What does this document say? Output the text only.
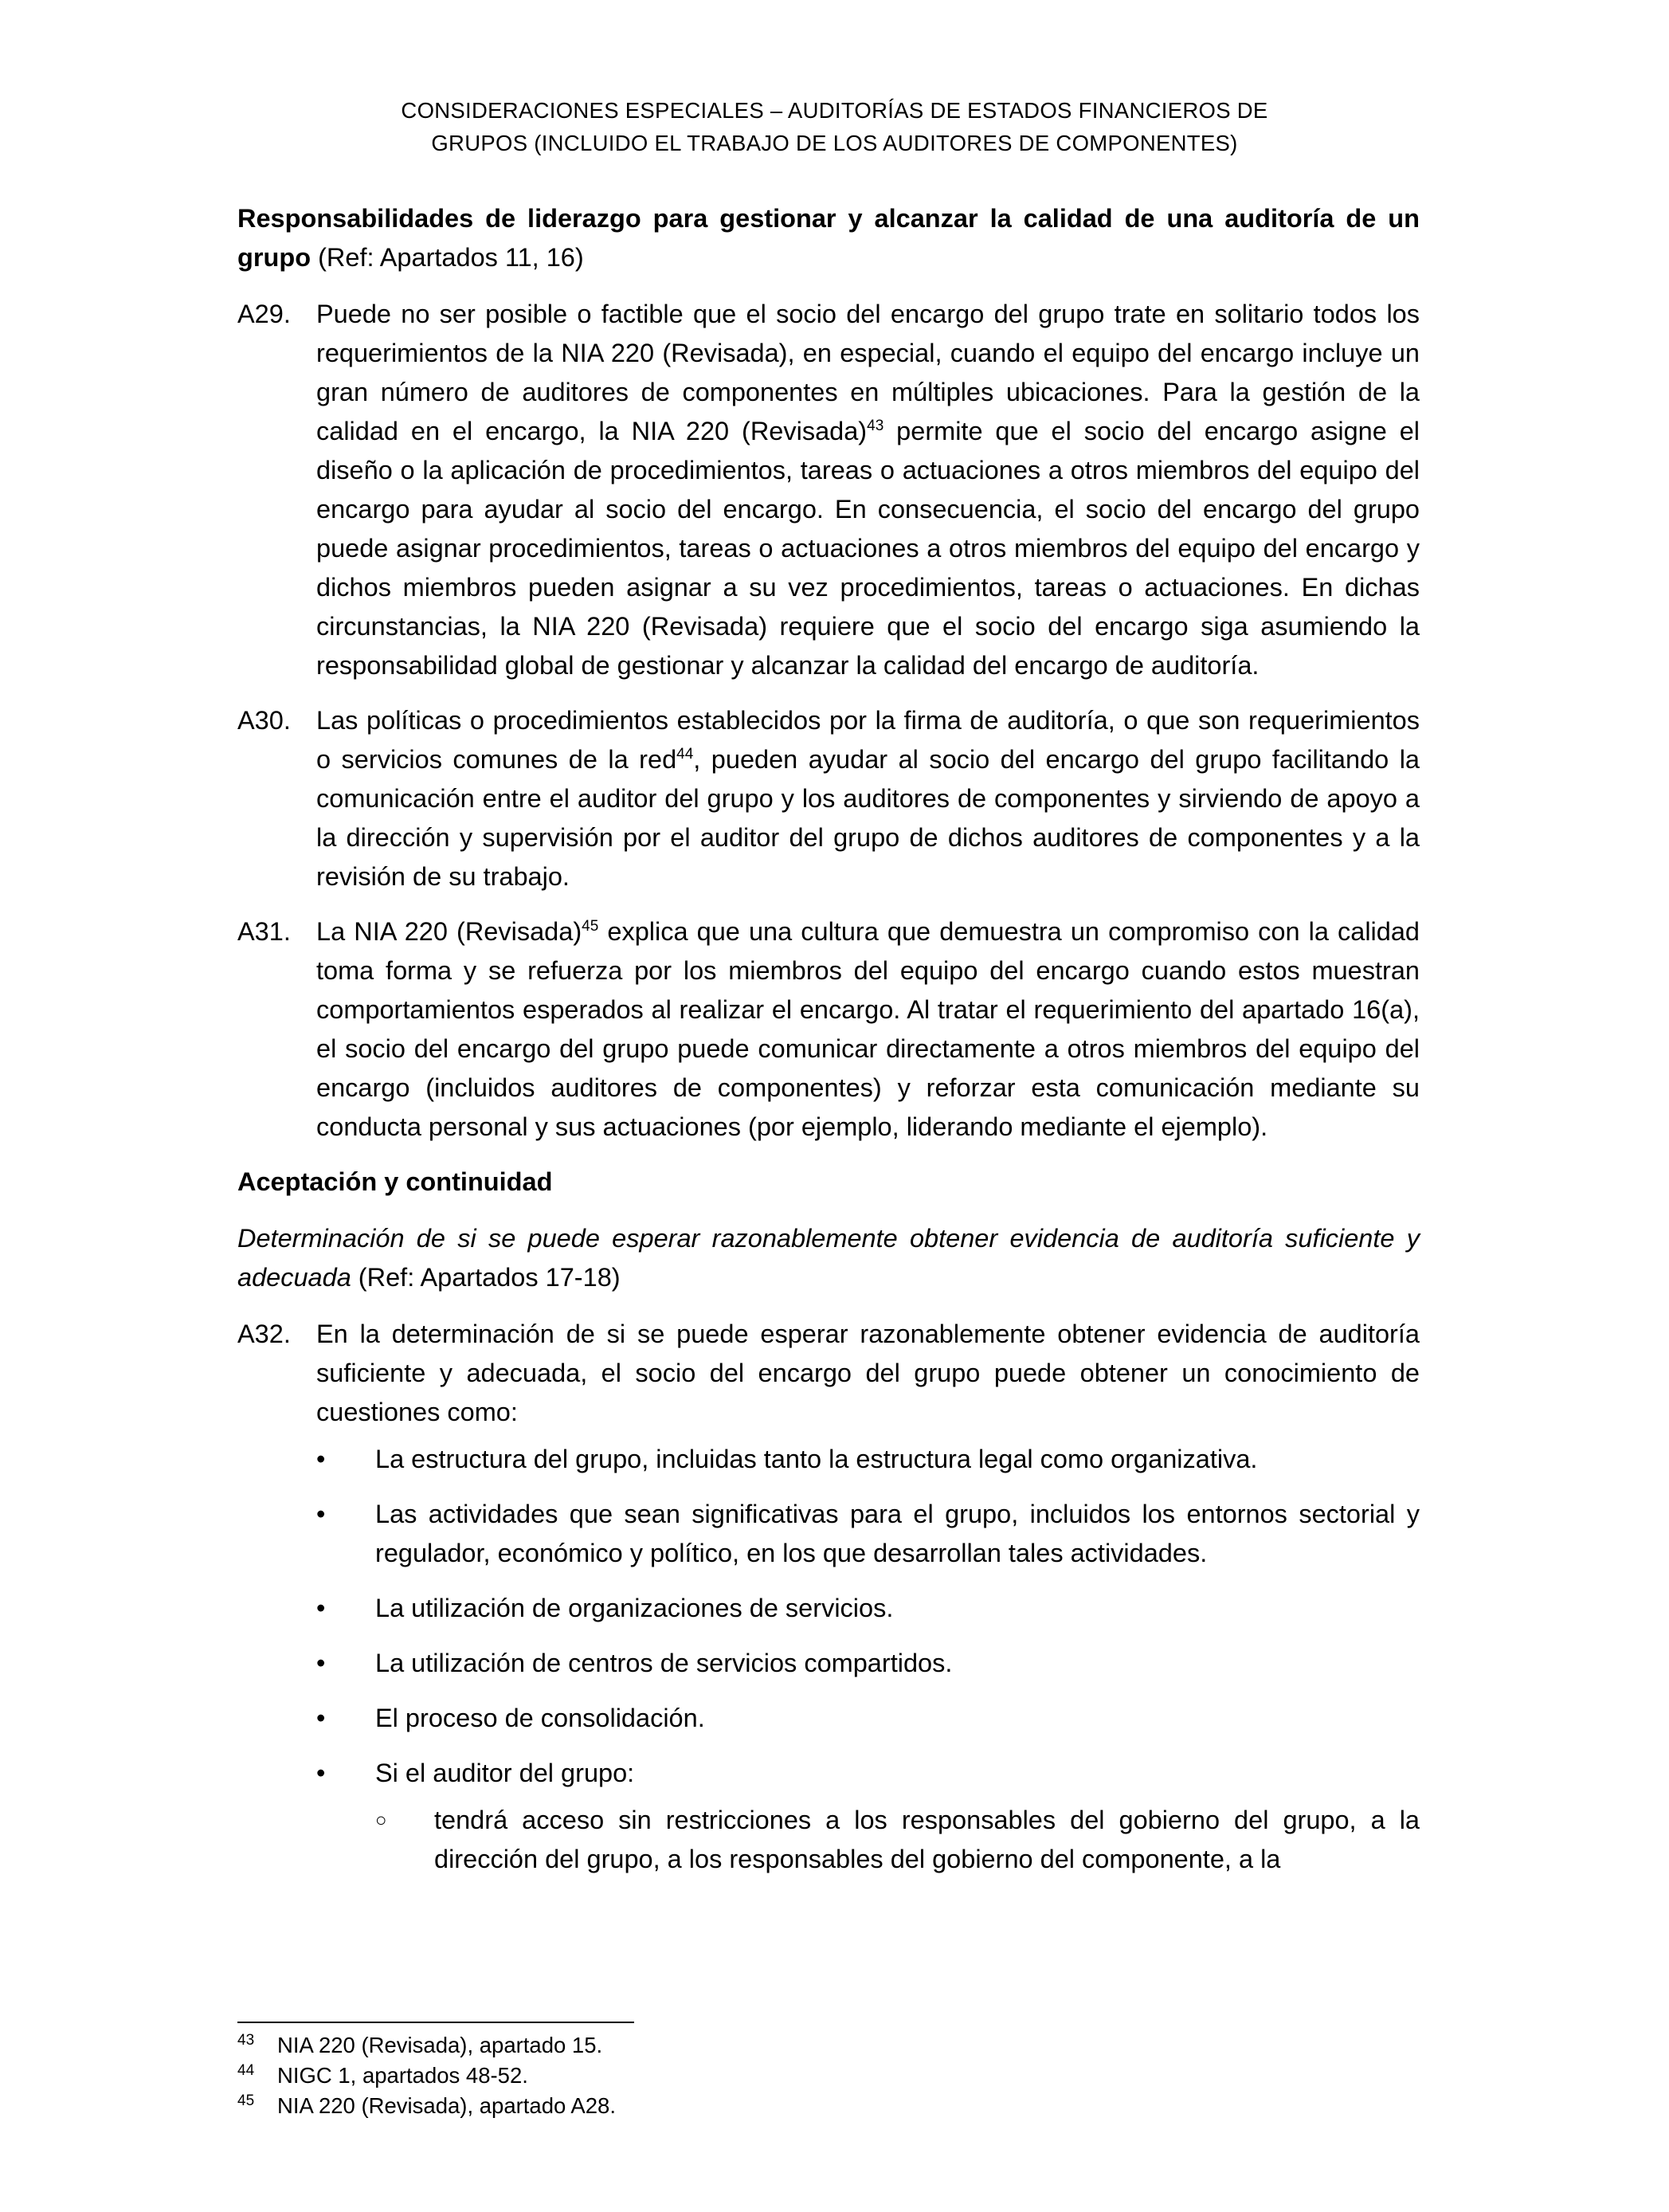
CONSIDERACIONES ESPECIALES – AUDITORÍAS DE ESTADOS FINANCIEROS DE
GRUPOS (INCLUIDO EL TRABAJO DE LOS AUDITORES DE COMPONENTES)

Responsabilidades de liderazgo para gestionar y alcanzar la calidad de una auditoría de un grupo (Ref: Apartados 11, 16)

A29. Puede no ser posible o factible que el socio del encargo del grupo trate en solitario todos los requerimientos de la NIA 220 (Revisada), en especial, cuando el equipo del encargo incluye un gran número de auditores de componentes en múltiples ubicaciones. Para la gestión de la calidad en el encargo, la NIA 220 (Revisada)$^{43}$ permite que el socio del encargo asigne el diseño o la aplicación de procedimientos, tareas o actuaciones a otros miembros del equipo del encargo para ayudar al socio del encargo. En consecuencia, el socio del encargo del grupo puede asignar procedimientos, tareas o actuaciones a otros miembros del equipo del encargo y dichos miembros pueden asignar a su vez procedimientos, tareas o actuaciones. En dichas circunstancias, la NIA 220 (Revisada) requiere que el socio del encargo siga asumiendo la responsabilidad global de gestionar y alcanzar la calidad del encargo de auditoría.
A30. Las políticas o procedimientos establecidos por la firma de auditoría, o que son requerimientos o servicios comunes de la red$^{44}$, pueden ayudar al socio del encargo del grupo facilitando la comunicación entre el auditor del grupo y los auditores de componentes y sirviendo de apoyo a la dirección y supervisión por el auditor del grupo de dichos auditores de componentes y a la revisión de su trabajo.
A31. La NIA 220 (Revisada)$^{45}$ explica que una cultura que demuestra un compromiso con la calidad toma forma y se refuerza por los miembros del equipo del encargo cuando estos muestran comportamientos esperados al realizar el encargo. Al tratar el requerimiento del apartado 16(a), el socio del encargo del grupo puede comunicar directamente a otros miembros del equipo del encargo (incluidos auditores de componentes) y reforzar esta comunicación mediante su conducta personal y sus actuaciones (por ejemplo, liderando mediante el ejemplo).
Aceptación y continuidad

Determinación de si se puede esperar razonablemente obtener evidencia de auditoría suficiente y adecuada (Ref: Apartados 17-18)

A32. En la determinación de si se puede esperar razonablemente obtener evidencia de auditoría suficiente y adecuada, el socio del encargo del grupo puede obtener un conocimiento de cuestiones como:

•	La estructura del grupo, incluidas tanto la estructura legal como organizativa.
•	Las actividades que sean significativas para el grupo, incluidos los entornos sectorial y regulador, económico y político, en los que desarrollan tales actividades.
•	La utilización de organizaciones de servicios.
•	La utilización de centros de servicios compartidos.
•	El proceso de consolidación.
•	Si el auditor del grupo:
○	tendrá acceso sin restricciones a los responsables del gobierno del grupo, a la dirección del grupo, a los responsables del gobierno del componente, a la
43	NIA 220 (Revisada), apartado 15.
44	NIGC 1, apartados 48-52.
45	NIA 220 (Revisada), apartado A28.
